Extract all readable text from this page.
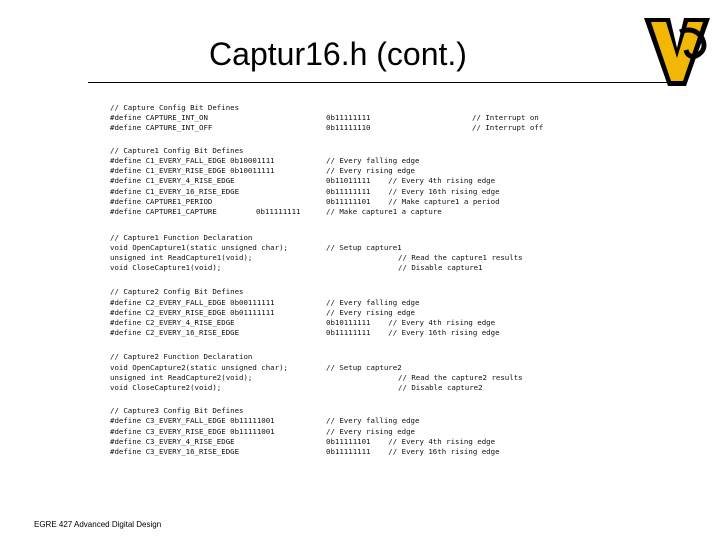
Captur16.h (cont.)
// Capture Config Bit Defines
#define CAPTURE_INT_ON
#define CAPTURE_INT_OFF
// Capture1 Config Bit Defines
#define C1_EVERY_FALL_EDGE 0b10001111
#define C1_EVERY_RISE_EDGE 0b10011111
#define C1_EVERY_4_RISE_EDGE
#define C1_EVERY_16_RISE_EDGE
#define CAPTURE1_PERIOD
#define CAPTURE1_CAPTURE
// Capture1 Function Declaration
void OpenCapture1(static unsigned char);
unsigned int ReadCapture1(void);
void CloseCapture1(void);
// Capture2 Config Bit Defines
#define C2_EVERY_FALL_EDGE 0b00111111
#define C2_EVERY_RISE_EDGE 0b01111111
#define C2_EVERY_4_RISE_EDGE
#define C2_EVERY_16_RISE_EDGE
// Capture2 Function Declaration
void OpenCapture2(static unsigned char);
unsigned int ReadCapture2(void);
void CloseCapture2(void);
// Capture3 Config Bit Defines
#define C3_EVERY_FALL_EDGE 0b11111001
#define C3_EVERY_RISE_EDGE 0b11111001
#define C3_EVERY_4_RISE_EDGE
#define C3_EVERY_16_RISE_EDGE
0b11111111
0b11111110
// Every falling edge
// Every rising edge
0b11011111    // Every 4th rising edge
0b11111111    // Every 16th rising edge
0b11111101    // Make capture1 a period
0b11111111	// Make capture1 a capture
// Setup capture1
// Read the capture1 results
// Disable capture1
// Every falling edge
// Every rising edge
0b10111111    // Every 4th rising edge
0b11111111    // Every 16th rising edge
// Setup capture2
// Read the capture2 results
// Disable capture2
// Every falling edge
// Every rising edge
0b11111101    // Every 4th rising edge
0b11111111    // Every 16th rising edge
// Interrupt on
// Interrupt off
EGRE 427 Advanced Digital Design
